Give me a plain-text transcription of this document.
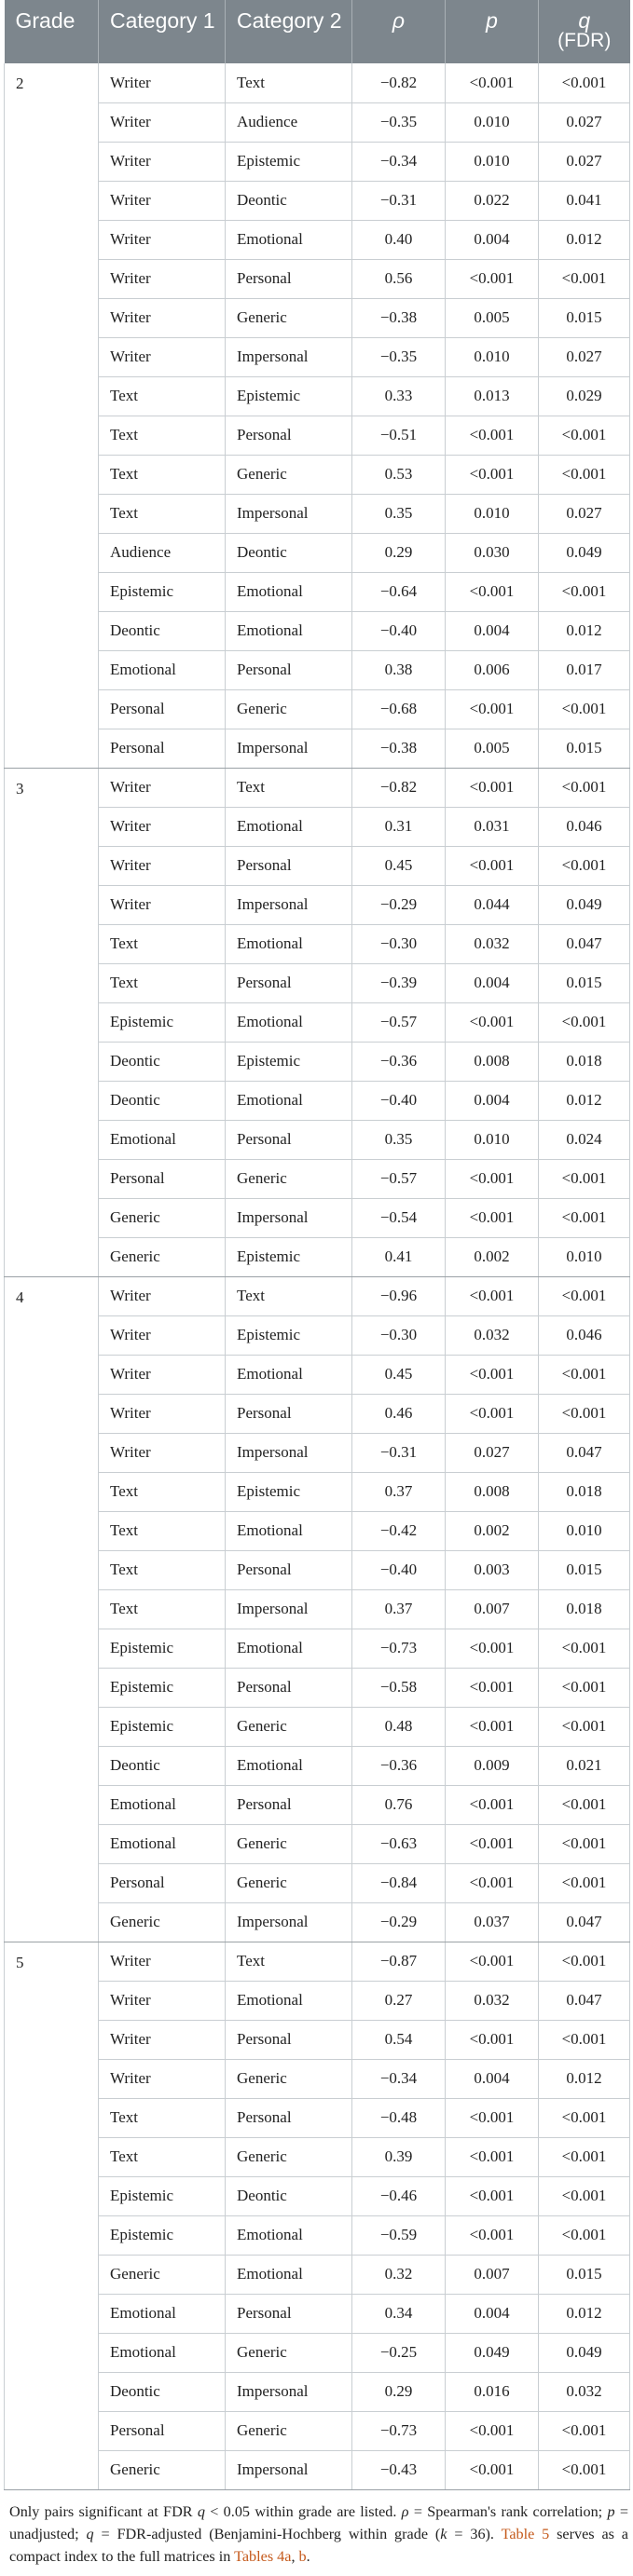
Grade	Category 1	Category 2	ρ	p	q
(FDR)

2	Writer	Text	−0.82	<0.001	<0.001
	Writer	Audience	−0.35	0.010	0.027
	Writer	Epistemic	−0.34	0.010	0.027
	Writer	Deontic	−0.31	0.022	0.041
	Writer	Emotional	0.40	0.004	0.012
	Writer	Personal	0.56	<0.001	<0.001
	Writer	Generic	−0.38	0.005	0.015
	Writer	Impersonal	−0.35	0.010	0.027
	Text	Epistemic	0.33	0.013	0.029
	Text	Personal	−0.51	<0.001	<0.001
	Text	Generic	0.53	<0.001	<0.001
	Text	Impersonal	0.35	0.010	0.027
	Audience	Deontic	0.29	0.030	0.049
	Epistemic	Emotional	−0.64	<0.001	<0.001
	Deontic	Emotional	−0.40	0.004	0.012
	Emotional	Personal	0.38	0.006	0.017
	Personal	Generic	−0.68	<0.001	<0.001
	Personal	Impersonal	−0.38	0.005	0.015
3	Writer	Text	−0.82	<0.001	<0.001
	Writer	Emotional	0.31	0.031	0.046
	Writer	Personal	0.45	<0.001	<0.001
	Writer	Impersonal	−0.29	0.044	0.049
	Text	Emotional	−0.30	0.032	0.047
	Text	Personal	−0.39	0.004	0.015
	Epistemic	Emotional	−0.57	<0.001	<0.001
	Deontic	Epistemic	−0.36	0.008	0.018
	Deontic	Emotional	−0.40	0.004	0.012
	Emotional	Personal	0.35	0.010	0.024
	Personal	Generic	−0.57	<0.001	<0.001
	Generic	Impersonal	−0.54	<0.001	<0.001
	Generic	Epistemic	0.41	0.002	0.010
4	Writer	Text	−0.96	<0.001	<0.001
	Writer	Epistemic	−0.30	0.032	0.046
	Writer	Emotional	0.45	<0.001	<0.001
	Writer	Personal	0.46	<0.001	<0.001
	Writer	Impersonal	−0.31	0.027	0.047
	Text	Epistemic	0.37	0.008	0.018
	Text	Emotional	−0.42	0.002	0.010
	Text	Personal	−0.40	0.003	0.015
	Text	Impersonal	0.37	0.007	0.018
	Epistemic	Emotional	−0.73	<0.001	<0.001
	Epistemic	Personal	−0.58	<0.001	<0.001
	Epistemic	Generic	0.48	<0.001	<0.001
	Deontic	Emotional	−0.36	0.009	0.021
	Emotional	Personal	0.76	<0.001	<0.001
	Emotional	Generic	−0.63	<0.001	<0.001
	Personal	Generic	−0.84	<0.001	<0.001
	Generic	Impersonal	−0.29	0.037	0.047
5	Writer	Text	−0.87	<0.001	<0.001
	Writer	Emotional	0.27	0.032	0.047
	Writer	Personal	0.54	<0.001	<0.001
	Writer	Generic	−0.34	0.004	0.012
	Text	Personal	−0.48	<0.001	<0.001
	Text	Generic	0.39	<0.001	<0.001
	Epistemic	Deontic	−0.46	<0.001	<0.001
	Epistemic	Emotional	−0.59	<0.001	<0.001
	Generic	Emotional	0.32	0.007	0.015
	Emotional	Personal	0.34	0.004	0.012
	Emotional	Generic	−0.25	0.049	0.049
	Deontic	Impersonal	0.29	0.016	0.032
	Personal	Generic	−0.73	<0.001	<0.001
	Generic	Impersonal	−0.43	<0.001	<0.001
Only pairs significant at FDR q < 0.05 within grade are listed. ρ = Spearman's rank correlation; p = unadjusted; q = FDR-adjusted (Benjamini-Hochberg within grade (k = 36). Table 5 serves as a compact index to the full matrices in Tables 4a, b.
